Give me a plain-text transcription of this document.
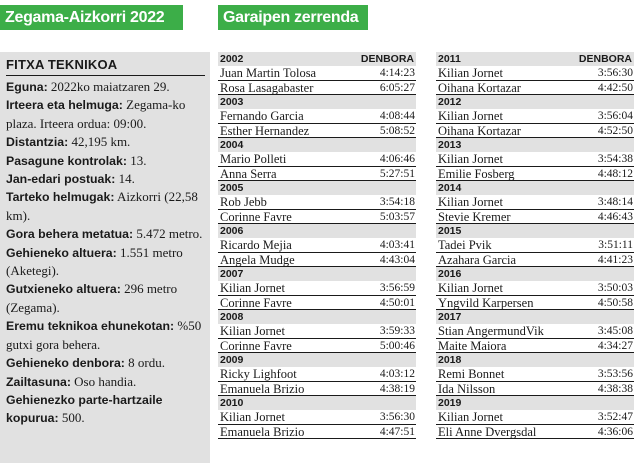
Zegama-Aizkorri 2022	Garaipen zerrenda
FITXA TEKNIKOA

Eguna: 2022ko maiatzaren 29.

Irteera eta helmuga: Zegama-ko plaza. Irteera ordua: 09:00.

Distantzia: 42,195 km.

Pasagune kontrolak: 13.

Jan-edari postuak: 14.

Tarteko helmugak: Aizkorri (22,58 km).

Gora behera metatua: 5.472 metro.

Gehieneko altuera: 1.551 metro (Aketegi).

Gutxieneko altuera: 296 metro (Zegama).

Eremu teknikoa ehunekotan: %50 gutxi gora behera.

Gehieneko denbora: 8 ordu.

Zailtasuna: Oso handia.

Gehienezko parte-hartzaile kopurua: 500.

2002	DENBORA
Juan Martin Tolosa	4:14:23
Rosa Lasagabaster	6:05:27
2003
Fernando Garcia	4:08:44
Esther Hernandez	5:08:52
2004
Mario Polleti	4:06:46
Anna Serra	5:27:51
2005
Rob Jebb	3:54:18
Corinne Favre	5:03:57
2006
Ricardo Mejia	4:03:41
Angela Mudge	4:43:04
2007
Kilian Jornet	3:56:59
Corinne Favre	4:50:01
2008
Kilian Jornet	3:59:33
Corinne Favre	5:00:46
2009
Ricky Lighfoot	4:03:12
Emanuela Brizio	4:38:19
2010
Kilian Jornet	3:56:30
Emanuela Brizio	4:47:51
2011	DENBORA
Kilian Jornet	3:56:30
Oihana Kortazar	4:42:50
2012
Kilian Jornet	3:56:04
Oihana Kortazar	4:52:50
2013
Kilian Jornet	3:54:38
Emilie Fosberg	4:48:12
2014
Kilian Jornet	3:48:14
Stevie Kremer	4:46:43
2015
Tadei Pvik	3:51:11
Azahara Garcia	4:41:23
2016
Kilian Jornet	3:50:03
Yngvild Karpersen	4:50:58
2017
Stian AngermundVik	3:45:08
Maite Maiora	4:34:27
2018
Remi Bonnet	3:53:56
Ida Nilsson	4:38:38
2019
Kilian Jornet	3:52:47
Eli Anne Dvergsdal	4:36:06
